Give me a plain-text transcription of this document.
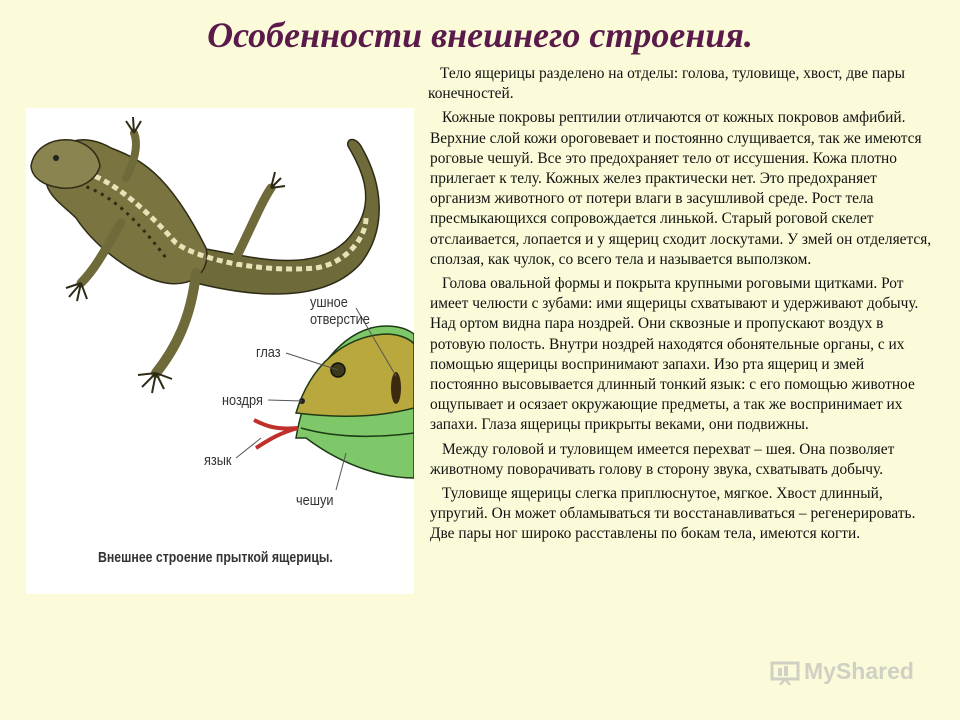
Особенности внешнего строения.
ушное отверстие
глаз
ноздря
язык
чешуи
Внешнее строение прыткой ящерицы.

Тело ящерицы разделено на отделы: голова, туловище, хвост, две пары конечностей.

Кожные покровы рептилии отличаются от кожных покровов амфибий. Верхние слой кожи ороговевает и постоянно слущивается, так же имеются роговые чешуй. Все это предохраняет тело от иссушения. Кожа плотно прилегает к телу. Кожных желез практически нет. Это предохраняет организм животного от потери влаги в засушливой среде. Рост тела пресмыкающихся сопровождается линькой. Старый роговой скелет отслаивается, лопается и у ящериц сходит лоскутами. У змей он отделяется, сползая, как чулок, со всего тела и называется выползком.

Голова овальной формы и покрыта крупными роговыми щитками. Рот имеет челюсти с зубами: ими ящерицы схватывают и удерживают добычу. Над ортом видна пара ноздрей. Они сквозные и пропускают воздух в ротовую полость. Внутри ноздрей находятся обонятельные органы, с их помощью ящерицы воспринимают запахи. Изо рта ящериц и змей постоянно высовывается длинный тонкий язык: с его помощью животное ощупывает и осязает окружающие предметы, а так же воспринимает их запахи. Глаза ящерицы прикрыты веками, они подвижны.

Между головой и туловищем имеется перехват – шея. Она позволяет животному поворачивать голову в сторону звука, схватывать добычу.

Туловище ящерицы слегка приплюснутое, мягкое. Хвост длинный, упругий. Он может обламываться ти восстанавливаться – регенерировать. Две пары ног широко расставлены по бокам тела, имеются когти.

MyShared
